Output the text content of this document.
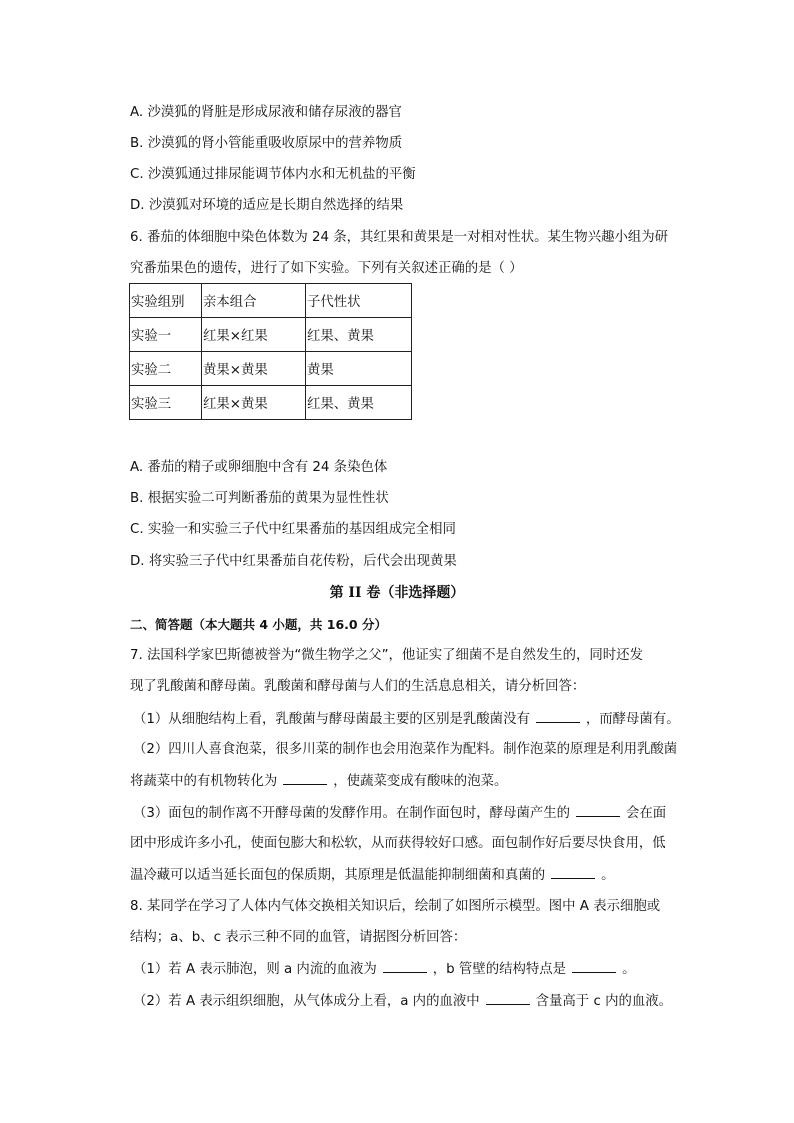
A. 沙漠狐的肾脏是形成尿液和储存尿液的器官
B. 沙漠狐的肾小管能重吸收原尿中的营养物质
C. 沙漠狐通过排尿能调节体内水和无机盐的平衡
D. 沙漠狐对环境的适应是长期自然选择的结果
6. 番茄的体细胞中染色体数为 24 条，其红果和黄果是一对相对性状。某生物兴趣小组为研
究番茄果色的遗传，进行了如下实验。下列有关叙述正确的是（ ）
实验组别	亲本组合	子代性状
实验一	红果×红果	红果、黄果
实验二	黄果×黄果	黄果
实验三	红果×黄果	红果、黄果
A. 番茄的精子或卵细胞中含有 24 条染色体
B. 根据实验二可判断番茄的黄果为显性性状
C. 实验一和实验三子代中红果番茄的基因组成完全相同
D. 将实验三子代中红果番茄自花传粉，后代会出现黄果
第 II 卷（非选择题）
二、简答题（本大题共 4 小题，共 16.0 分）
7. 法国科学家巴斯德被誉为“微生物学之父”，他证实了细菌不是自然发生的，同时还发
现了乳酸菌和酵母菌。乳酸菌和酵母菌与人们的生活息息相关，请分析回答：
（1）从细胞结构上看，乳酸菌与酵母菌最主要的区别是乳酸菌没有	，而酵母菌有。
（2）四川人喜食泡菜，很多川菜的制作也会用泡菜作为配料。制作泡菜的原理是利用乳酸菌
将蔬菜中的有机物转化为	，使蔬菜变成有酸味的泡菜。
（3）面包的制作离不开酵母菌的发酵作用。在制作面包时，酵母菌产生的	会在面
团中形成许多小孔，使面包膨大和松软，从而获得较好口感。面包制作好后要尽快食用，低
温冷藏可以适当延长面包的保质期，其原理是低温能抑制细菌和真菌的	。
8. 某同学在学习了人体内气体交换相关知识后，绘制了如图所示模型。图中 A 表示细胞或
结构；a、b、c 表示三种不同的血管，请据图分析回答：
（1）若 A 表示肺泡，则 a 内流的血液为	，b 管壁的结构特点是	。
（2）若 A 表示组织细胞，从气体成分上看，a 内的血液中	含量高于 c 内的血液。
